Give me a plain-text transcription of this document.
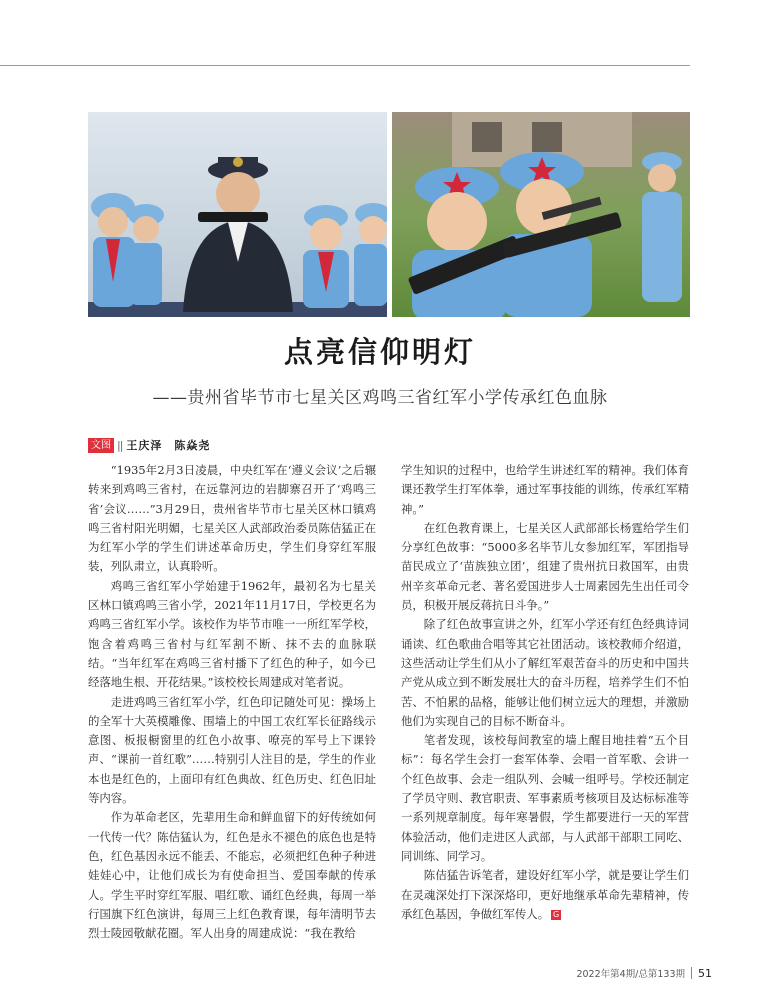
点亮信仰明灯
——贵州省毕节市七星关区鸡鸣三省红军小学传承红色血脉
文图 || 王庆泽　陈焱尧

“1935年2月3日凌晨，中央红军在‘遵义会议’之后辗转来到鸡鸣三省村，在远靠河边的岩脚寨召开了‘鸡鸣三省’会议……”3月29日，贵州省毕节市七星关区林口镇鸡鸣三省村阳光明媚，七星关区人武部政治委员陈佶猛正在为红军小学的学生们讲述革命历史，学生们身穿红军服装，列队肃立，认真聆听。

鸡鸣三省红军小学始建于1962年，最初名为七星关区林口镇鸡鸣三省小学，2021年11月17日，学校更名为鸡鸣三省红军小学。该校作为毕节市唯一一所红军学校，饱含着鸡鸣三省村与红军割不断、抹不去的血脉联结。“当年红军在鸡鸣三省村播下了红色的种子，如今已经落地生根、开花结果。”该校校长周建成对笔者说。

走进鸡鸣三省红军小学，红色印记随处可见：操场上的全军十大英模雕像、围墙上的中国工农红军长征路线示意图、板报橱窗里的红色小故事、嘹亮的军号上下课铃声、“课前一首红歌”……特别引人注目的是，学生的作业本也是红色的，上面印有红色典故、红色历史、红色旧址等内容。

作为革命老区，先辈用生命和鲜血留下的好传统如何一代传一代？陈佶猛认为，红色是永不褪色的底色也是特色，红色基因永远不能丢、不能忘，必须把红色种子种进娃娃心中，让他们成长为有使命担当、爱国奉献的传承人。学生平时穿红军服、唱红歌、诵红色经典，每周一举行国旗下红色演讲，每周三上红色教育课，每年清明节去烈士陵园敬献花圈。军人出身的周建成说：“我在教给

学生知识的过程中，也给学生讲述红军的精神。我们体育课还教学生打军体拳，通过军事技能的训练，传承红军精神。”

在红色教育课上，七星关区人武部部长杨霆给学生们分享红色故事：“5000多名毕节儿女参加红军，军团指导苗民成立了‘苗族独立团’，组建了贵州抗日救国军，由贵州辛亥革命元老、著名爱国进步人士周素园先生出任司令员，积极开展反蒋抗日斗争。”

除了红色故事宣讲之外，红军小学还有红色经典诗词诵读、红色歌曲合唱等其它社团活动。该校教师介绍道，这些活动让学生们从小了解红军艰苦奋斗的历史和中国共产党从成立到不断发展壮大的奋斗历程，培养学生们不怕苦、不怕累的品格，能够让他们树立远大的理想，并激励他们为实现自己的目标不断奋斗。

笔者发现，该校每间教室的墙上醒目地挂着“五个目标”：每名学生会打一套军体拳、会唱一首军歌、会讲一个红色故事、会走一组队列、会喊一组呼号。学校还制定了学员守则、教官职责、军事素质考核项目及达标标准等一系列规章制度。每年寒暑假，学生都要进行一天的军营体验活动，他们走进区人武部，与人武部干部职工同吃、同训练、同学习。

陈佶猛告诉笔者，建设好红军小学，就是要让学生们在灵魂深处打下深深烙印，更好地继承革命先辈精神，传承红色基因，争做红军传人。 G

2022年第4期/总第133期 51
